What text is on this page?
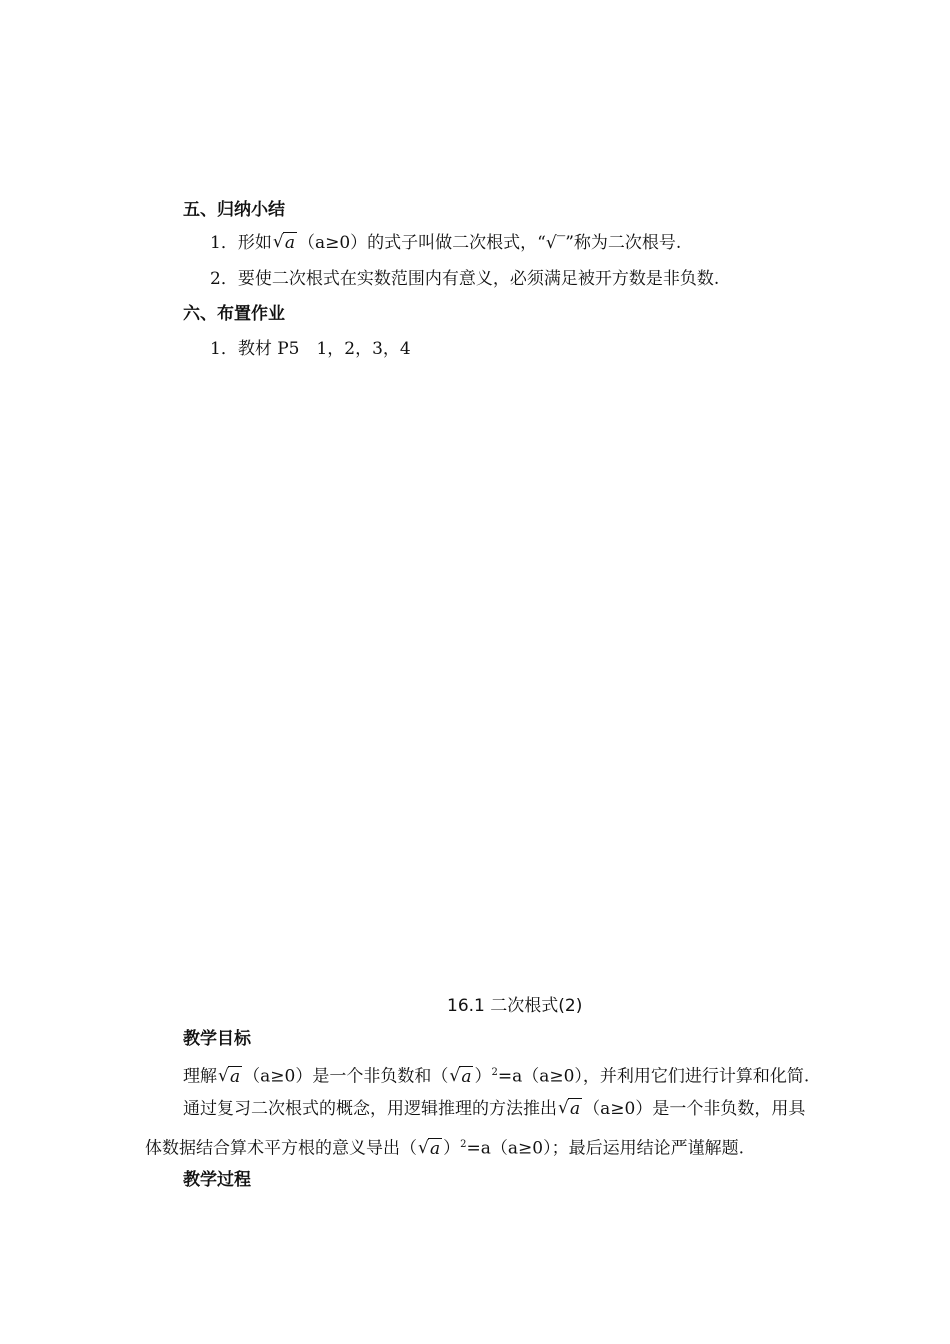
五、归纳小结
1．形如 √ a （a≥0）的式子叫做二次根式，“√‾”称为二次根号.
2．要使二次根式在实数范围内有意义，必须满足被开方数是非负数.
六、布置作业
1．教材 P5　1，2，3，4
16.1 二次根式(2)
教学目标
理解 √ a （a≥0）是一个非负数和（ √ a ）$^2$=a（a≥0），并利用它们进行计算和化简.
通过复习二次根式的概念，用逻辑推理的方法推出 √ a （a≥0）是一个非负数，用具
体数据结合算术平方根的意义导出（ √ a ）$^2$=a（a≥0）；最后运用结论严谨解题.
教学过程
